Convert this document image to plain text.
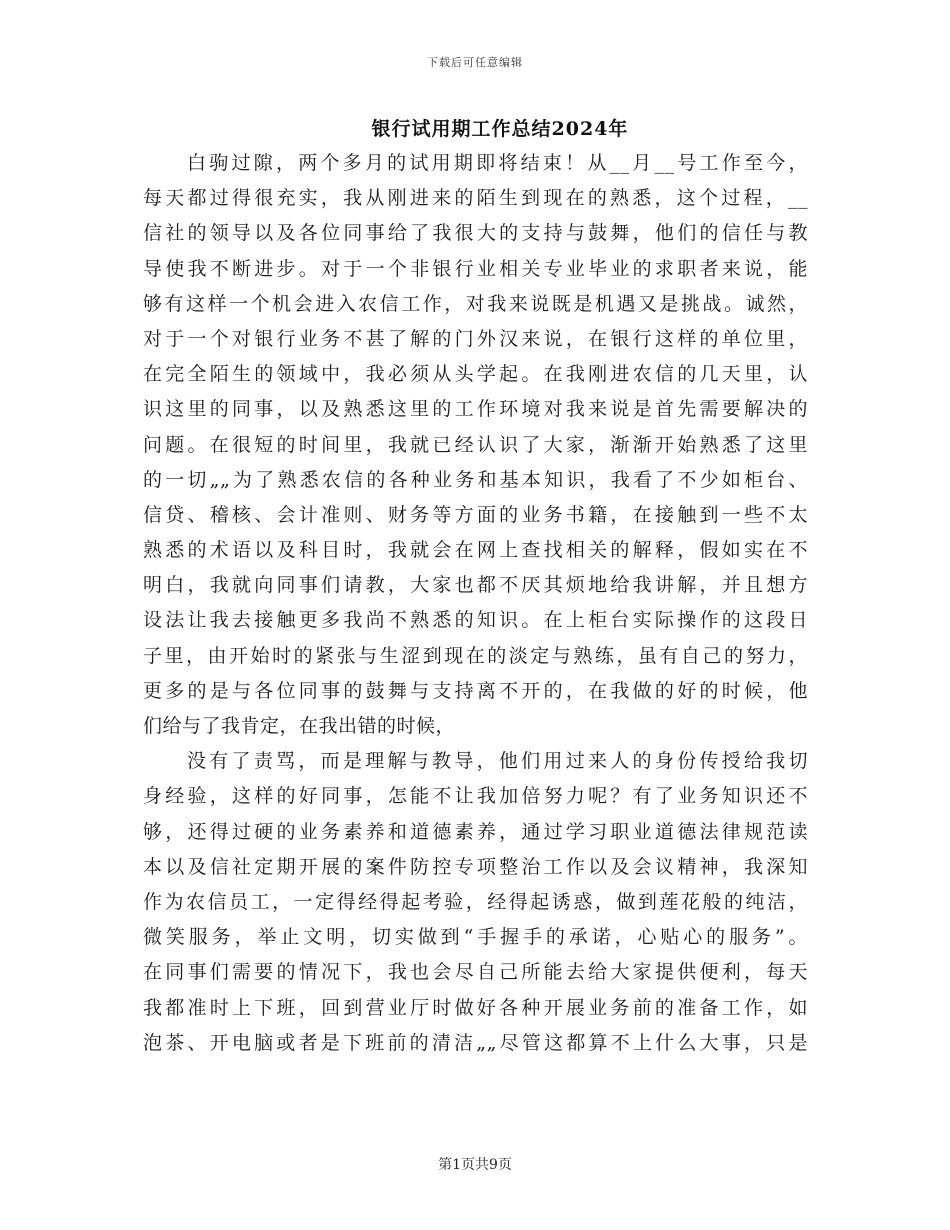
下载后可任意编辑
银行试用期工作总结2024年
白驹过隙，两个多月的试用期即将结束！从__月__号工作至今，
每天都过得很充实，我从刚进来的陌生到现在的熟悉，这个过程，__
信社的领导以及各位同事给了我很大的支持与鼓舞，他们的信任与教
导使我不断进步。对于一个非银行业相关专业毕业的求职者来说，能
够有这样一个机会进入农信工作，对我来说既是机遇又是挑战。诚然，
对于一个对银行业务不甚了解的门外汉来说，在银行这样的单位里，
在完全陌生的领域中，我必须从头学起。在我刚进农信的几天里，认
识这里的同事，以及熟悉这里的工作环境对我来说是首先需要解决的
问题。在很短的时间里，我就已经认识了大家，渐渐开始熟悉了这里
的一切„„为了熟悉农信的各种业务和基本知识，我看了不少如柜台、
信贷、稽核、会计准则、财务等方面的业务书籍，在接触到一些不太
熟悉的术语以及科目时，我就会在网上查找相关的解释，假如实在不
明白，我就向同事们请教，大家也都不厌其烦地给我讲解，并且想方
设法让我去接触更多我尚不熟悉的知识。在上柜台实际操作的这段日
子里，由开始时的紧张与生涩到现在的淡定与熟练，虽有自己的努力，
更多的是与各位同事的鼓舞与支持离不开的，在我做的好的时候，他
们给与了我肯定，在我出错的时候，
没有了责骂，而是理解与教导，他们用过来人的身份传授给我切
身经验，这样的好同事，怎能不让我加倍努力呢？有了业务知识还不
够，还得过硬的业务素养和道德素养，通过学习职业道德法律规范读
本以及信社定期开展的案件防控专项整治工作以及会议精神，我深知
作为农信员工，一定得经得起考验，经得起诱惑，做到莲花般的纯洁，
微笑服务，举止文明，切实做到“手握手的承诺，心贴心的服务”。
在同事们需要的情况下，我也会尽自己所能去给大家提供便利，每天
我都准时上下班，回到营业厅时做好各种开展业务前的准备工作，如
泡茶、开电脑或者是下班前的清洁„„尽管这都算不上什么大事，只是
第1页共9页
